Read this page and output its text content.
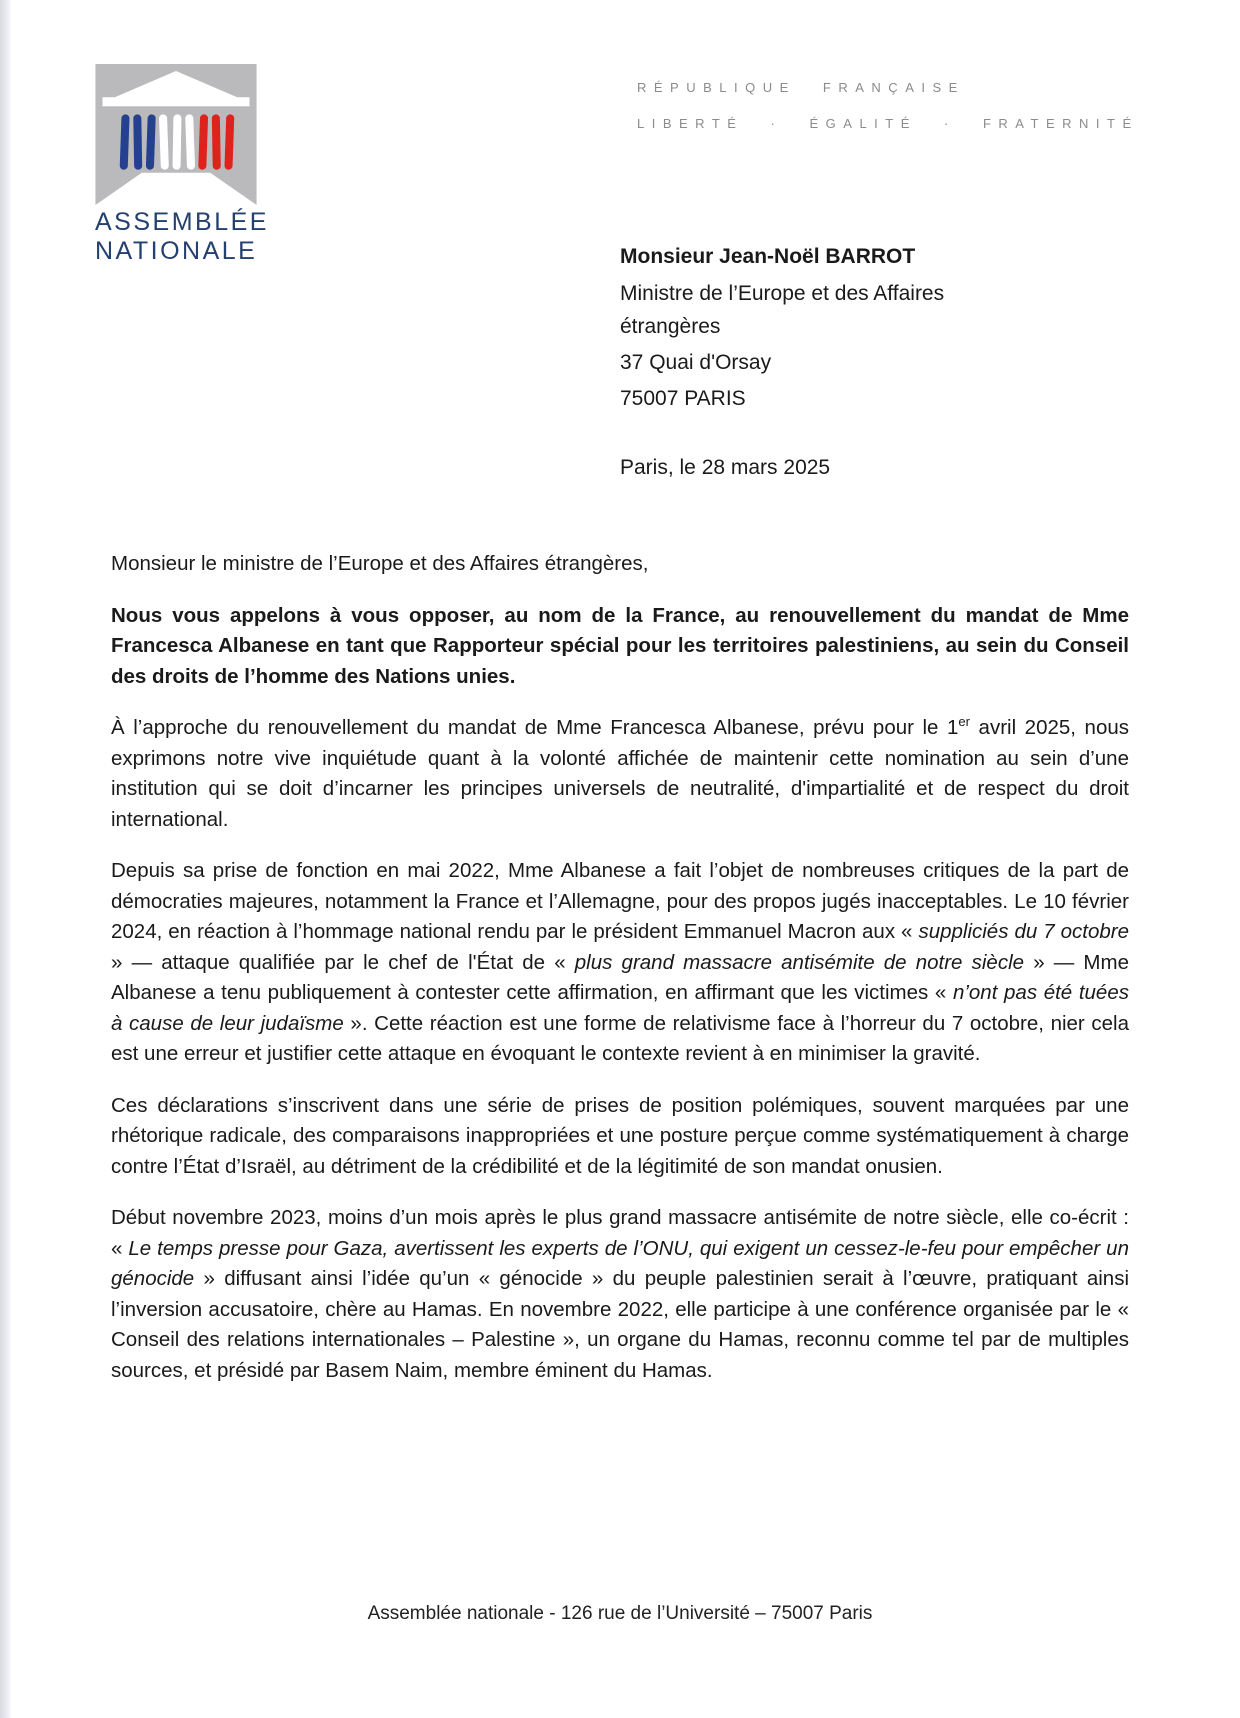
ASSEMBLÉE
NATIONALE
RÉPUBLIQUE FRANÇAISE
LIBERTÉ · ÉGALITÉ · FRATERNITÉ
Monsieur Jean-Noël BARROT
Ministre de l’Europe et des Affaires étrangères
37 Quai d'Orsay
75007 PARIS
Paris, le 28 mars 2025
Monsieur le ministre de l’Europe et des Affaires étrangères,

Nous vous appelons à vous opposer, au nom de la France, au renouvellement du mandat de Mme Francesca Albanese en tant que Rapporteur spécial pour les territoires palestiniens, au sein du Conseil des droits de l’homme des Nations unies.

À l’approche du renouvellement du mandat de Mme Francesca Albanese, prévu pour le 1er avril 2025, nous exprimons notre vive inquiétude quant à la volonté affichée de maintenir cette nomination au sein d’une institution qui se doit d’incarner les principes universels de neutralité, d'impartialité et de respect du droit international.

Depuis sa prise de fonction en mai 2022, Mme Albanese a fait l’objet de nombreuses critiques de la part de démocraties majeures, notamment la France et l’Allemagne, pour des propos jugés inacceptables. Le 10 février 2024, en réaction à l’hommage national rendu par le président Emmanuel Macron aux « suppliciés du 7 octobre » — attaque qualifiée par le chef de l'État de « plus grand massacre antisémite de notre siècle » — Mme Albanese a tenu publiquement à contester cette affirmation, en affirmant que les victimes « n’ont pas été tuées à cause de leur judaïsme ». Cette réaction est une forme de relativisme face à l’horreur du 7 octobre, nier cela est une erreur et justifier cette attaque en évoquant le contexte revient à en minimiser la gravité.

Ces déclarations s’inscrivent dans une série de prises de position polémiques, souvent marquées par une rhétorique radicale, des comparaisons inappropriées et une posture perçue comme systématiquement à charge contre l’État d’Israël, au détriment de la crédibilité et de la légitimité de son mandat onusien.

Début novembre 2023, moins d’un mois après le plus grand massacre antisémite de notre siècle, elle co-écrit : « Le temps presse pour Gaza, avertissent les experts de l’ONU, qui exigent un cessez-le-feu pour empêcher un génocide » diffusant ainsi l’idée qu’un « génocide » du peuple palestinien serait à l’œuvre, pratiquant ainsi l’inversion accusatoire, chère au Hamas. En novembre 2022, elle participe à une conférence organisée par le « Conseil des relations internationales – Palestine », un organe du Hamas, reconnu comme tel par de multiples sources, et présidé par Basem Naim, membre éminent du Hamas.

Assemblée nationale - 126 rue de l’Université – 75007 Paris
